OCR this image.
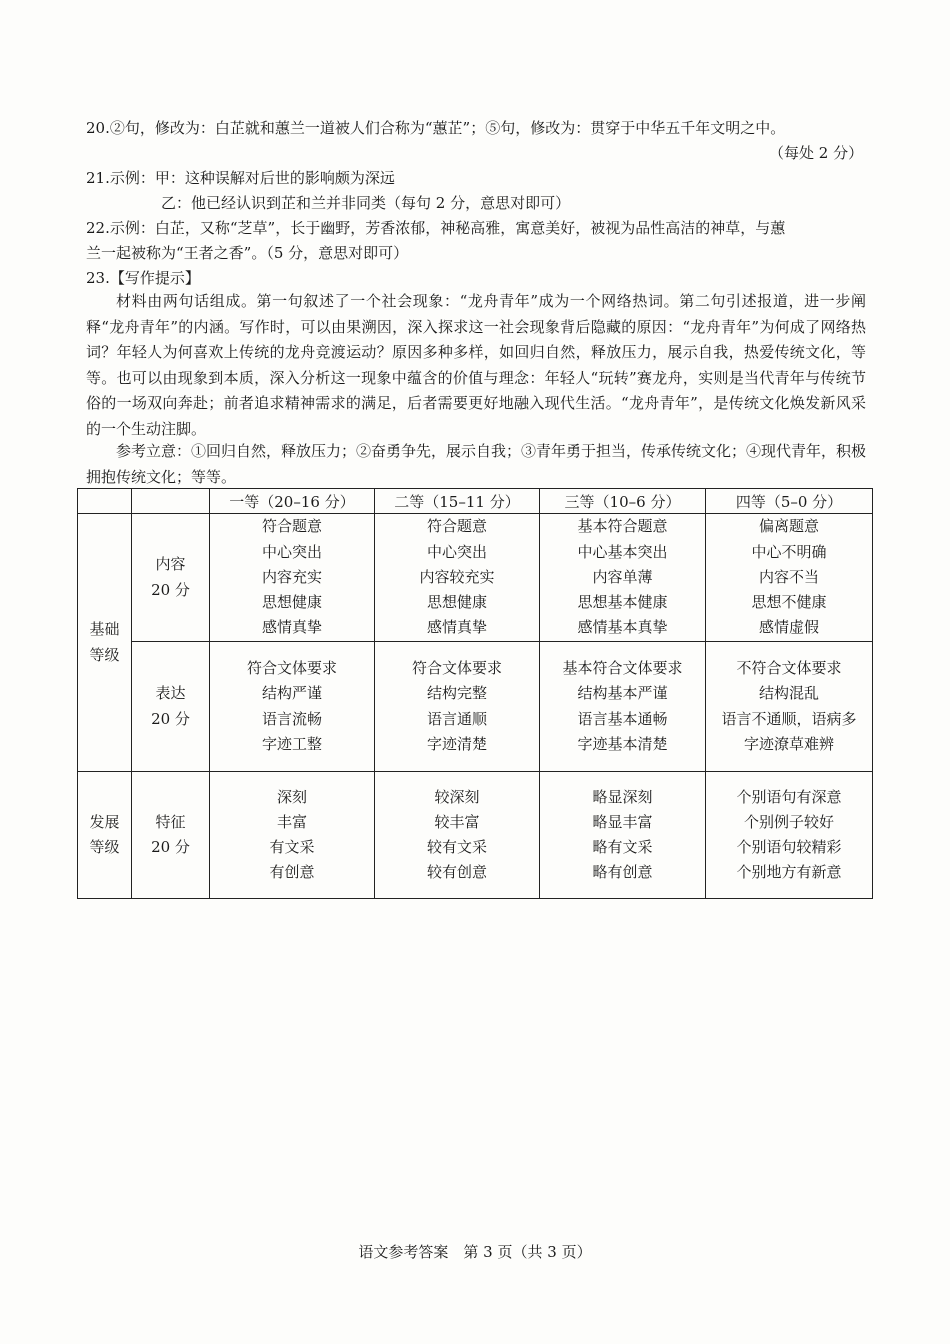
20.②句，修改为：白芷就和蕙兰一道被人们合称为“蕙芷”；⑤句，修改为：贯穿于中华五千年文明之中。
（每处 2 分）
21.示例：甲：这种误解对后世的影响颇为深远
乙：他已经认识到芷和兰并非同类（每句 2 分，意思对即可）
22.示例：白芷，又称“芝草”，长于幽野，芳香浓郁，神秘高雅，寓意美好，被视为品性高洁的神草，与蕙
兰一起被称为“王者之香”。（5 分，意思对即可）
23.【写作提示】
材料由两句话组成。第一句叙述了一个社会现象：“龙舟青年”成为一个网络热词。第二句引述报道，进一步阐释“龙舟青年”的内涵。写作时，可以由果溯因，深入探求这一社会现象背后隐藏的原因：“龙舟青年”为何成了网络热词？年轻人为何喜欢上传统的龙舟竞渡运动？原因多种多样，如回归自然，释放压力，展示自我，热爱传统文化，等等。也可以由现象到本质，深入分析这一现象中蕴含的价值与理念：年轻人“玩转”赛龙舟，实则是当代青年与传统节俗的一场双向奔赴；前者追求精神需求的满足，后者需要更好地融入现代生活。“龙舟青年”，是传统文化焕发新风采的一个生动注脚。
参考立意：①回归自然，释放压力；②奋勇争先，展示自我；③青年勇于担当，传承传统文化；④现代青年，积极拥抱传统文化；等等。
		一等（20–16 分）	二等（15–11 分）	三等（10–6 分）	四等（5–0 分）
基础
等级	内容
20 分	符合题意
中心突出
内容充实
思想健康
感情真挚	符合题意
中心突出
内容较充实
思想健康
感情真挚	基本符合题意
中心基本突出
内容单薄
思想基本健康
感情基本真挚	偏离题意
中心不明确
内容不当
思想不健康
感情虚假
	表达
20 分	符合文体要求
结构严谨
语言流畅
字迹工整	符合文体要求
结构完整
语言通顺
字迹清楚	基本符合文体要求
结构基本严谨
语言基本通畅
字迹基本清楚	不符合文体要求
结构混乱
语言不通顺，语病多
字迹潦草难辨
发展
等级	特征
20 分	深刻
丰富
有文采
有创意	较深刻
较丰富
较有文采
较有创意	略显深刻
略显丰富
略有文采
略有创意	个别语句有深意
个别例子较好
个别语句较精彩
个别地方有新意
语文参考答案　第 3 页（共 3 页）
